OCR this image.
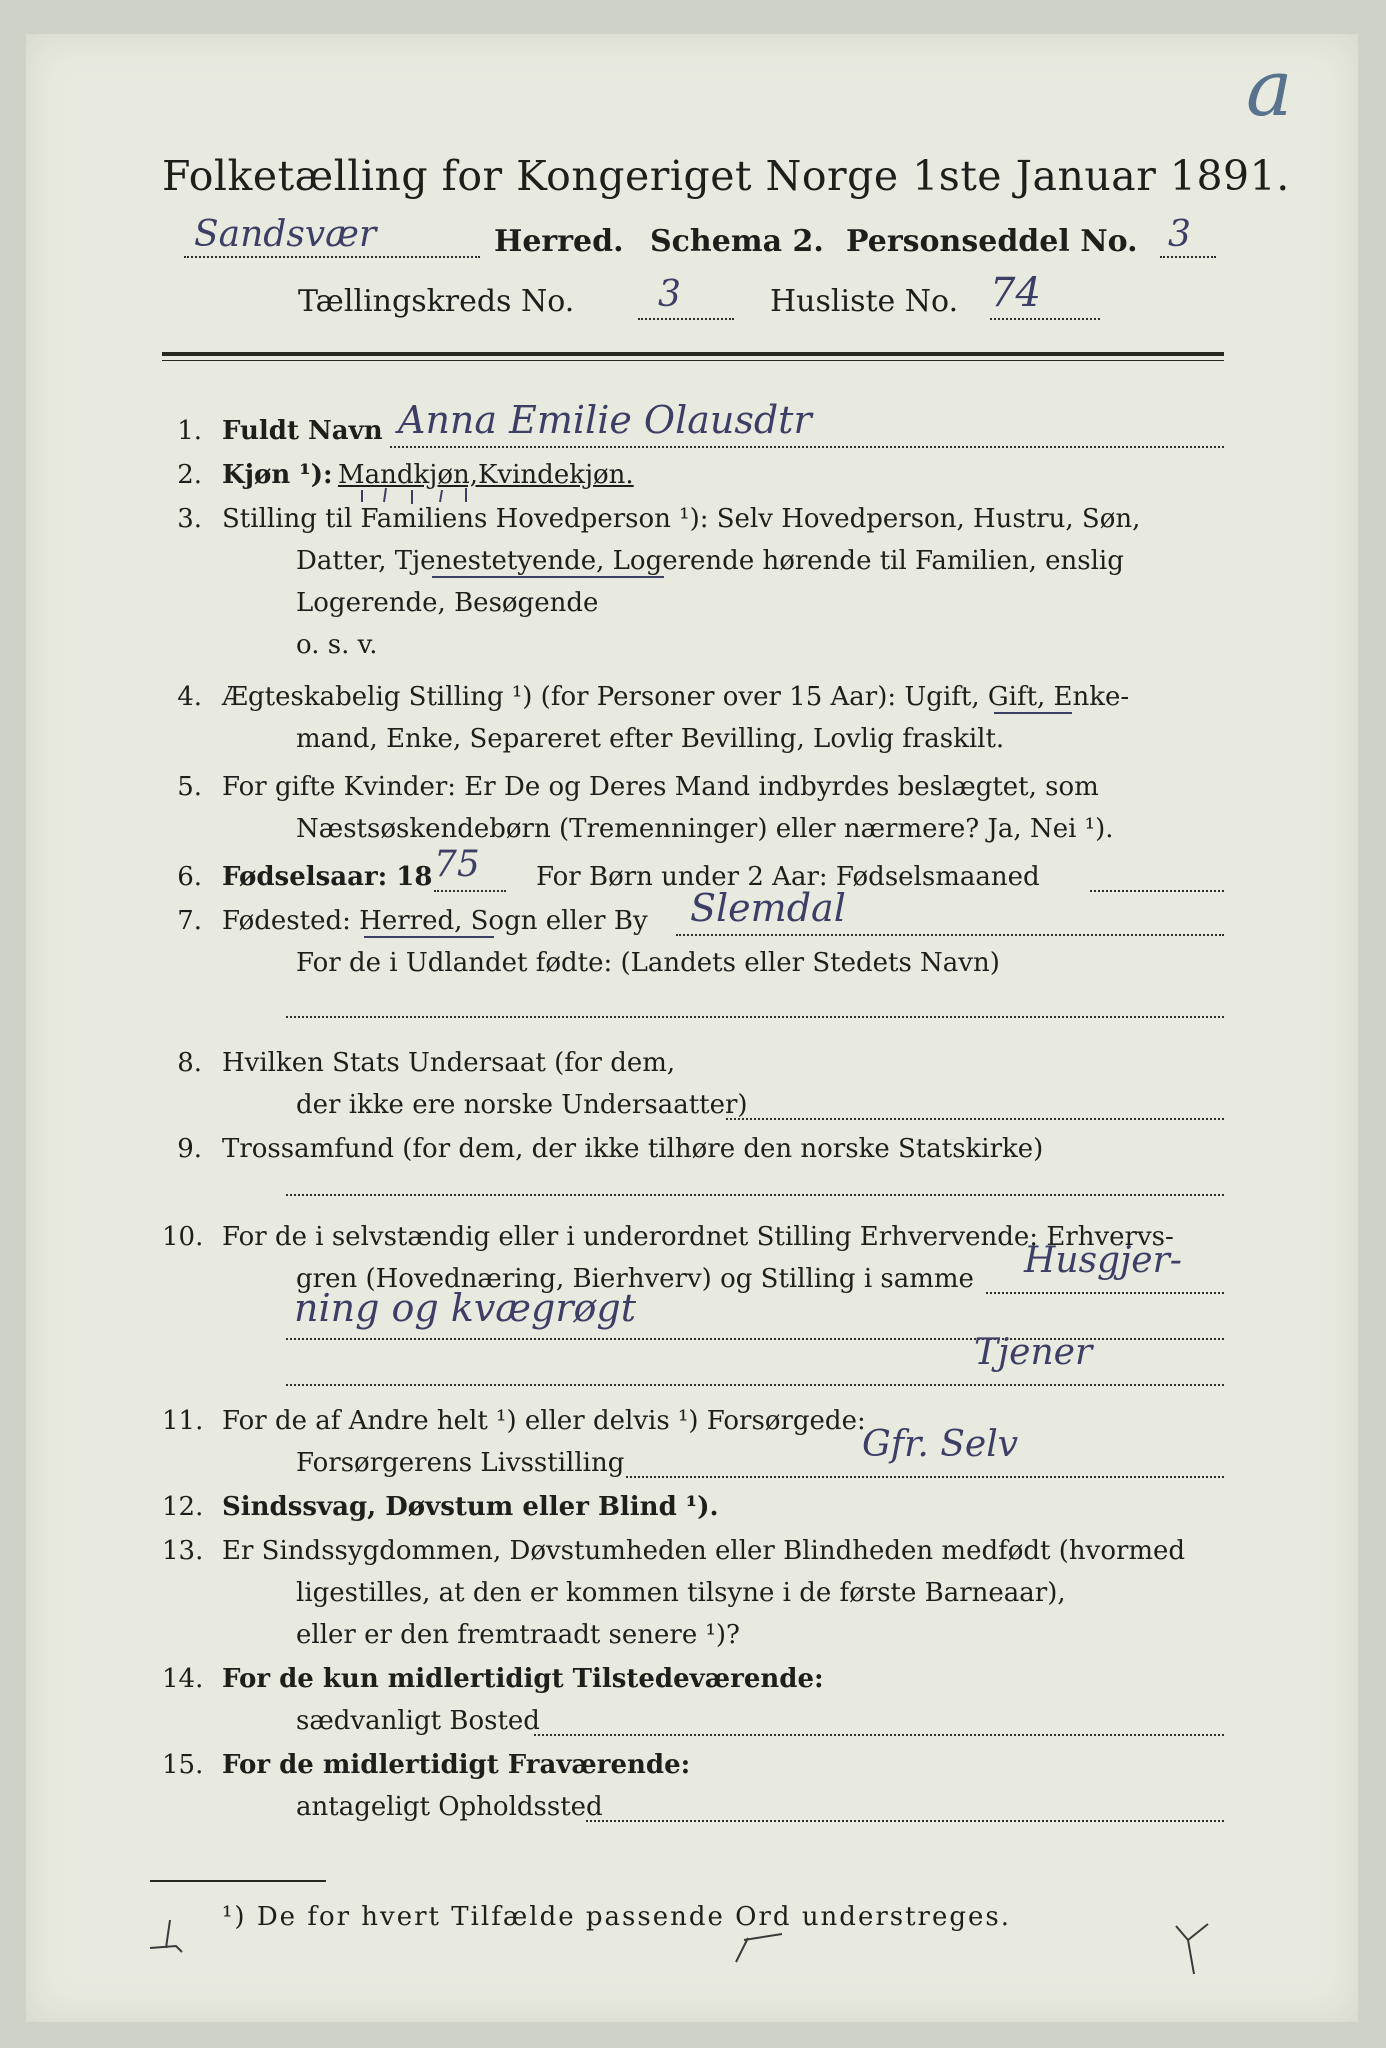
a
Folketælling for Kongeriget Norge 1ste Januar 1891.
Sandsvær	Herred. Schema 2. Personseddel No. 3
Tællingskreds No. 3	Husliste No. 74
1. Fuldt Navn Anna Emilie Olausdtr
2. Kjøn ¹): Mandkjøn, Kvindekjøn.
3. Stilling til Familiens Hovedperson ¹): Selv Hovedperson, Hustru, Søn,
Datter, Tjenestetyende, Logerende hørende til Familien, enslig
Logerende, Besøgende
o. s. v.
4. Ægteskabelig Stilling ¹) (for Personer over 15 Aar): Ugift, Gift, Enke-
mand, Enke, Separeret efter Bevilling, Lovlig fraskilt.
5. For gifte Kvinder: Er De og Deres Mand indbyrdes beslægtet, som
Næstsøskendebørn (Tremenninger) eller nærmere? Ja, Nei ¹).
6. Fødselsaar: 18 75 For Børn under 2 Aar: Fødselsmaaned
7. Fødested: Herred, Sogn eller By Slemdal
For de i Udlandet fødte: (Landets eller Stedets Navn)
8. Hvilken Stats Undersaat (for dem,
der ikke ere norske Undersaatter)
9. Trossamfund (for dem, der ikke tilhøre den norske Statskirke)
10. For de i selvstændig eller i underordnet Stilling Erhvervende: Erhvervs-
gren (Hovednæring, Bierhverv) og Stilling i samme Husgjer-
ning og kvægrøgt
Tjener
11. For de af Andre helt ¹) eller delvis ¹) Forsørgede:
Forsørgerens Livsstilling	Gfr. Selv
12. Sindssvag, Døvstum eller Blind ¹).
13. Er Sindssygdommen, Døvstumheden eller Blindheden medfødt (hvormed
ligestilles, at den er kommen tilsyne i de første Barneaar),
eller er den fremtraadt senere ¹)?
14. For de kun midlertidigt Tilstedeværende:
sædvanligt Bosted
15. For de midlertidigt Fraværende:
antageligt Opholdssted
¹) De for hvert Tilfælde passende Ord understreges.
